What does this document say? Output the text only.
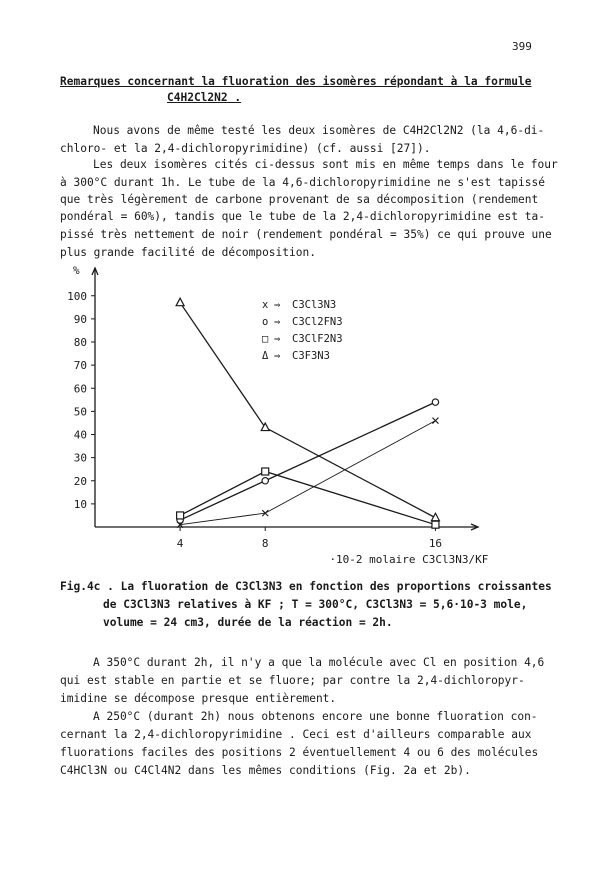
399
Remarques concernant la fluoration des isomères répondant à la formule
C4H2Cl2N2 .
Nous avons de même testé les deux isomères de C4H2Cl2N2 (la 4,6-di-
chloro- et la 2,4-dichloropyrimidine) (cf. aussi [27]).
Les deux isomères cités ci-dessus sont mis en même temps dans le four
à 300°C durant 1h. Le tube de la 4,6-dichloropyrimidine ne s'est tapissé
que très légèrement de carbone provenant de sa décomposition (rendement
pondéral = 60%), tandis que le tube de la 2,4-dichloropyrimidine est ta-
pissé très nettement de noir (rendement pondéral = 35%) ce qui prouve une
plus grande facilité de décomposition.
%
·10-2 molaire C3Cl3N3/KF
10
20
30
40
50
60
70
80
90
100
4	8	16
x ⇒ C3Cl3N3
o ⇒ C3Cl2FN3
□ ⇒ C3ClF2N3
Δ ⇒ C3F3N3
Fig.4c . La fluoration de C3Cl3N3 en fonction des proportions croissantes
de C3Cl3N3 relatives à KF ; T = 300°C, C3Cl3N3 = 5,6·10-3 mole,
volume = 24 cm3, durée de la réaction = 2h.
A 350°C durant 2h, il n'y a que la molécule avec Cl en position 4,6
qui est stable en partie et se fluore; par contre la 2,4-dichloropyr-
imidine se décompose presque entièrement.
A 250°C (durant 2h) nous obtenons encore une bonne fluoration con-
cernant la 2,4-dichloropyrimidine . Ceci est d'ailleurs comparable aux
fluorations faciles des positions 2 éventuellement 4 ou 6 des molécules
C4HCl3N ou C4Cl4N2 dans les mêmes conditions (Fig. 2a et 2b).
